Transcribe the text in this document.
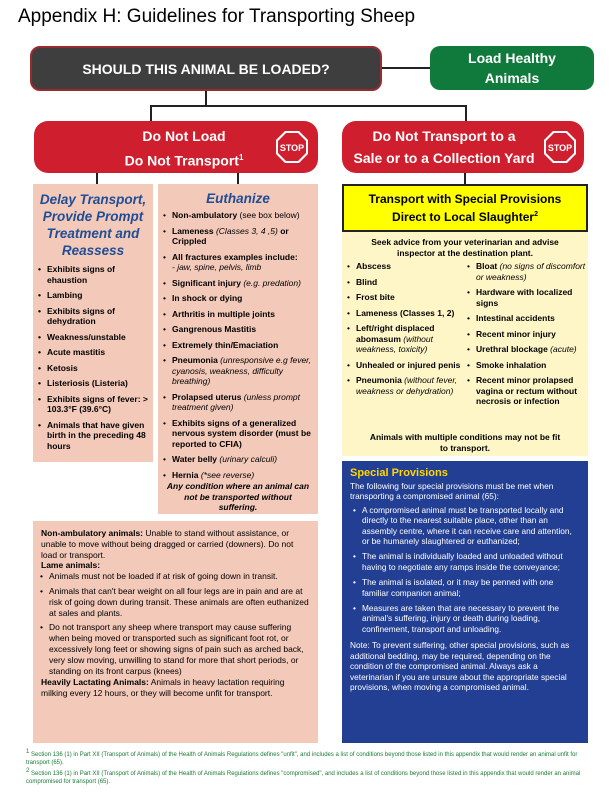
Appendix H: Guidelines for Transporting Sheep
SHOULD THIS ANIMAL BE LOADED?
Load Healthy
Animals
Do Not Load
Do Not Transport$^1$
STOP
Do Not Transport to a
Sale or to a Collection Yard
STOP
Delay Transport,
Provide Prompt
Treatment and
Reassess
• Exhibits signs of ehaustion
• Lambing
• Exhibits signs of dehydration
• Weakness/unstable
• Acute mastitis
• Ketosis
• Listeriosis (Listeria)
• Exhibits signs of fever: > 103.3°F (39.6°C)
• Animals that have given birth in the preceding 48 hours
Euthanize
• Non-ambulatory (see box below)
• Lameness (Classes 3, 4 ,5) or Crippled
• All fractures examples include:
- jaw, spine, pelvis, limb
• Significant injury (e.g. predation)
• In shock or dying
• Arthritis in multiple joints
• Gangrenous Mastitis
• Extremely thin/Emaciation
• Pneumonia (unresponsive e.g fever, cyanosis, weakness, difficulty breathing)
• Prolapsed uterus (unless prompt treatment given)
• Exhibits signs of a generalized nervous system disorder (must be reported to CFIA)
• Water belly (urinary calculi)
• Hernia (*see reverse)
Any condition where an animal can not be transported without suffering.
Transport with Special Provisions
Direct to Local Slaughter$^2$
Seek advice from your veterinarian and advise inspector at the destination plant.
• Abscess
• Blind
• Frost bite
• Lameness (Classes 1, 2)
• Left/right displaced abomasum (without weakness, toxicity)
• Unhealed or injured penis
• Pneumonia (without fever, weakness or dehydration)
• Bloat (no signs of discomfort or weakness)
• Hardware with localized signs
• Intestinal accidents
• Recent minor injury
• Urethral blockage (acute)
• Smoke inhalation
• Recent minor prolapsed vagina or rectum without necrosis or infection
Animals with multiple conditions may not be fit to transport.
Special Provisions
The following four special provisions must be met when transporting a compromised animal (65):
• A compromised animal must be transported locally and directly to the nearest suitable place, other than an assembly centre, where it can receive care and attention, or be humanely slaughtered or euthanized;
• The animal is individually loaded and unloaded without having to negotiate any ramps inside the conveyance;
• The animal is isolated, or it may be penned with one familiar companion animal;
• Measures are taken that are necessary to prevent the animal's suffering, injury or death during loading, confinement, transport and unloading.
Note: To prevent suffering, other special provisions, such as additional bedding, may be required, depending on the condition of the compromised animal. Always ask a veterinarian if you are unsure about the appropriate special provisions, when moving a compromised animal.
Non-ambulatory animals: Unable to stand without assistance, or unable to move without being dragged or carried (downers). Do not load or transport.
Lame animals:
• Animals must not be loaded if at risk of going down in transit.
• Animals that can't bear weight on all four legs are in pain and are at risk of going down during transit. These animals are often euthanized at sales and plants.
• Do not transport any sheep where transport may cause suffering when being moved or transported such as significant foot rot, or excessively long feet or showing signs of pain such as arched back, very slow moving, unwilling to stand for more that short periods, or standing on its front carpus (knees)
Heavily Lactating Animals: Animals in heavy lactation requiring milking every 12 hours, or they will become unfit for transport.
$^1$ Section 136 (1) in Part XII (Transport of Animals) of the Health of Animals Regulations defines "unfit", and includes a list of conditions beyond those listed in this appendix that would render an animal unfit for transport (65).
$^2$ Section 136 (1) in Part XII (Transport of Animals) of the Health of Animals Regulations defines "compromised", and includes a list of conditions beyond those listed in this appendix that would render an animal compromised for transport (65).
